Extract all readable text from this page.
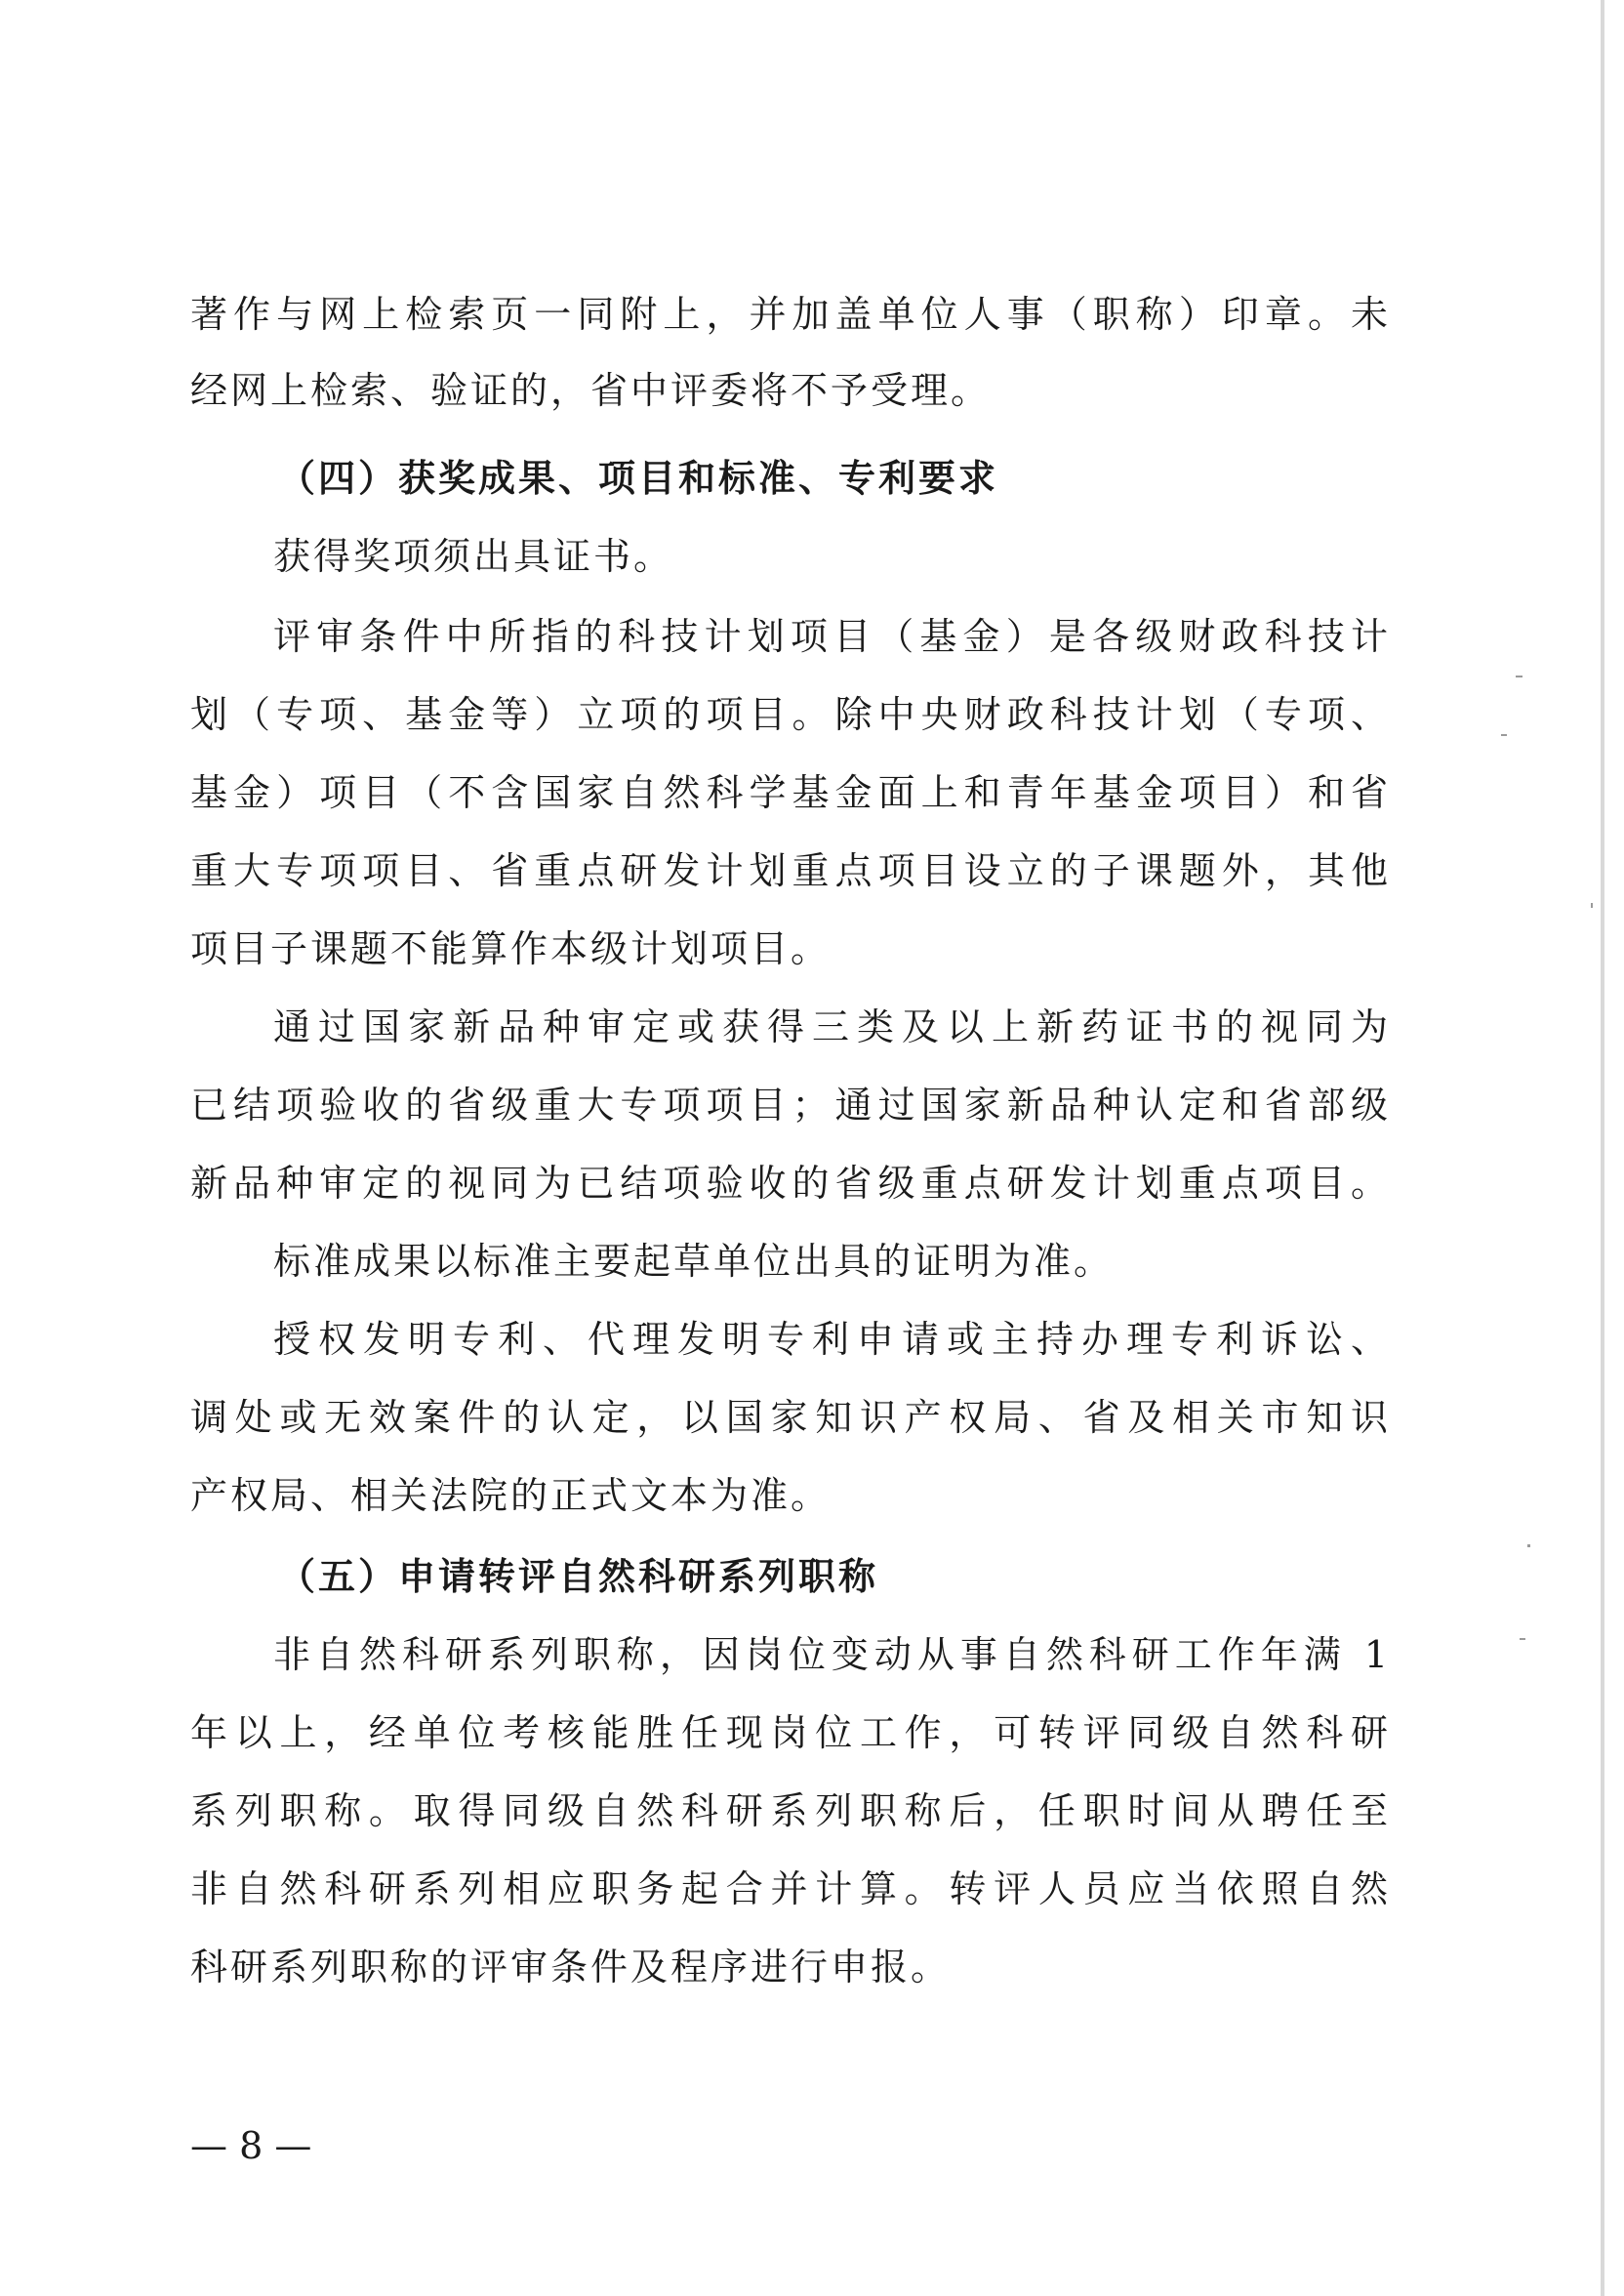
著作与网上检索页一同附上，并加盖单位人事（职称）印章。未
经网上检索、验证的，省中评委将不予受理。
（四）获奖成果、项目和标准、专利要求
获得奖项须出具证书。
评审条件中所指的科技计划项目（基金）是各级财政科技计
划（专项、基金等）立项的项目。除中央财政科技计划（专项、
基金）项目（不含国家自然科学基金面上和青年基金项目）和省
重大专项项目、省重点研发计划重点项目设立的子课题外，其他
项目子课题不能算作本级计划项目。
通过国家新品种审定或获得三类及以上新药证书的视同为
已结项验收的省级重大专项项目；通过国家新品种认定和省部级
新品种审定的视同为已结项验收的省级重点研发计划重点项目。
标准成果以标准主要起草单位出具的证明为准。
授权发明专利、代理发明专利申请或主持办理专利诉讼、
调处或无效案件的认定，以国家知识产权局、省及相关市知识
产权局、相关法院的正式文本为准。
（五）申请转评自然科研系列职称
非自然科研系列职称，因岗位变动从事自然科研工作年满 1
年以上，经单位考核能胜任现岗位工作，可转评同级自然科研
系列职称。取得同级自然科研系列职称后，任职时间从聘任至
非自然科研系列相应职务起合并计算。转评人员应当依照自然
科研系列职称的评审条件及程序进行申报。
— 8 —
